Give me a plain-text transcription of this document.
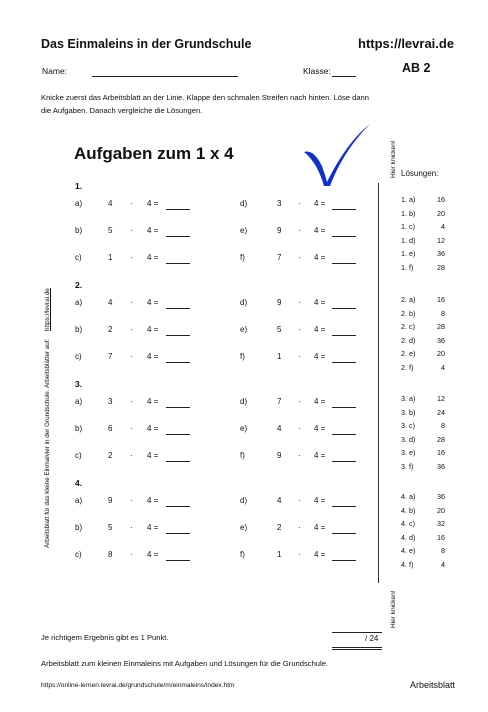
Das Einmaleins in der Grundschule	https://levrai.de
Name:	Klasse:	AB 2
Knicke zuerst das Arbeitsblatt an der Linie. Klappe den schmalen Streifen nach hinten. Löse dann die Aufgaben. Danach vergleiche die Lösungen.
Aufgaben zum 1 x 4
Arbeitsblatt für das kleine Einmalvier in der Grundschule. Arbeitsblätter auf: https://levrai.de
Hier knicken!
Hier knicken!
1.
a)	4 · 4 =
b)	5 · 4 =
c)	1 · 4 =
d)	3 · 4 =
e)	9 · 4 =
f)	7 · 4 =
2.
a)	4 · 4 =
b)	2 · 4 =
c)	7 · 4 =
d)	9 · 4 =
e)	5 · 4 =
f)	1 · 4 =
3.
a)	3 · 4 =
b)	6 · 4 =
c)	2 · 4 =
d)	7 · 4 =
e)	4 · 4 =
f)	9 · 4 =
4.
a)	9 · 4 =
b)	5 · 4 =
c)	8 · 4 =
d)	4 · 4 =
e)	2 · 4 =
f)	1 · 4 =
Lösungen:
1. a)	16
1. b)	20
1. c)	4
1. d)	12
1. e)	36
1. f)	28
2. a)	16
2. b)	8
2. c)	28
2. d)	36
2. e)	20
2. f)	4
3. a)	12
3. b)	24
3. c)	8
3. d)	28
3. e)	16
3. f)	36
4. a)	36
4. b)	20
4. c)	32
4. d)	16
4. e)	8
4. f)	4
Je richtigem Ergebnis gibt es 1 Punkt.	/ 24
Arbeitsblatt zum kleinen Einmaleins mit Aufgaben und Lösungen für die Grundschule.
https://online-lernen.levrai.de/grundschule/m/einmaleins/index.htm	Arbeitsblatt
